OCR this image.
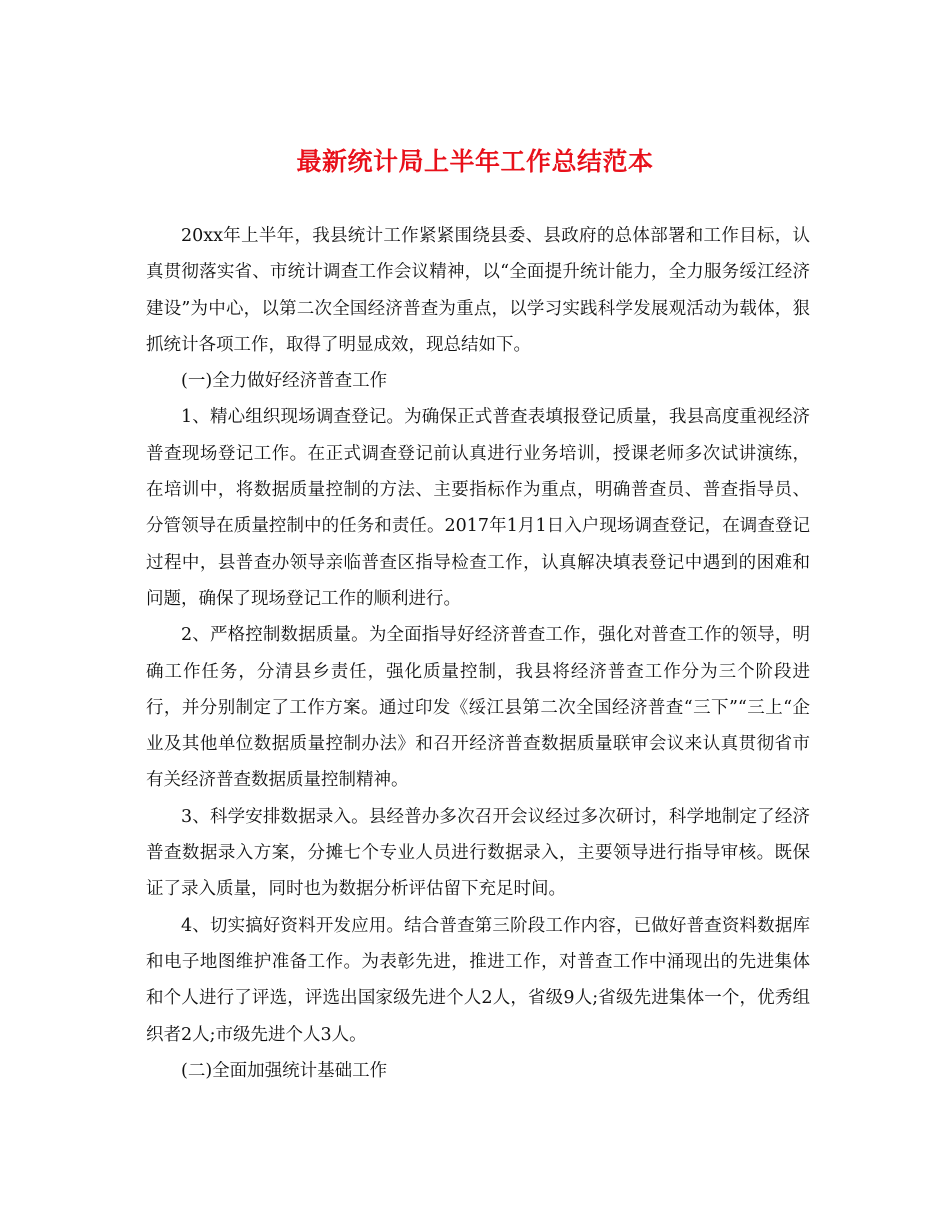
最新统计局上半年工作总结范本

20xx年上半年，我县统计工作紧紧围绕县委、县政府的总体部署和工作目标，认真贯彻落实省、市统计调查工作会议精神，以“全面提升统计能力，全力服务绥江经济建设”为中心，以第二次全国经济普查为重点，以学习实践科学发展观活动为载体，狠抓统计各项工作，取得了明显成效，现总结如下。

(一)全力做好经济普查工作

1、精心组织现场调查登记。为确保正式普查表填报登记质量，我县高度重视经济普查现场登记工作。在正式调查登记前认真进行业务培训，授课老师多次试讲演练，在培训中，将数据质量控制的方法、主要指标作为重点，明确普查员、普查指导员、分管领导在质量控制中的任务和责任。2017年1月1日入户现场调查登记，在调查登记过程中，县普查办领导亲临普查区指导检查工作，认真解决填表登记中遇到的困难和问题，确保了现场登记工作的顺利进行。

2、严格控制数据质量。为全面指导好经济普查工作，强化对普查工作的领导，明确工作任务，分清县乡责任，强化质量控制，我县将经济普查工作分为三个阶段进行，并分别制定了工作方案。通过印发《绥江县第二次全国经济普查“三下”“三上“企业及其他单位数据质量控制办法》和召开经济普查数据质量联审会议来认真贯彻省市有关经济普查数据质量控制精神。

3、科学安排数据录入。县经普办多次召开会议经过多次研讨，科学地制定了经济普查数据录入方案，分摊七个专业人员进行数据录入，主要领导进行指导审核。既保证了录入质量，同时也为数据分析评估留下充足时间。

4、切实搞好资料开发应用。结合普查第三阶段工作内容，已做好普查资料数据库和电子地图维护准备工作。为表彰先进，推进工作，对普查工作中涌现出的先进集体和个人进行了评选，评选出国家级先进个人2人，省级9人;省级先进集体一个，优秀组织者2人;市级先进个人3人。

(二)全面加强统计基础工作
